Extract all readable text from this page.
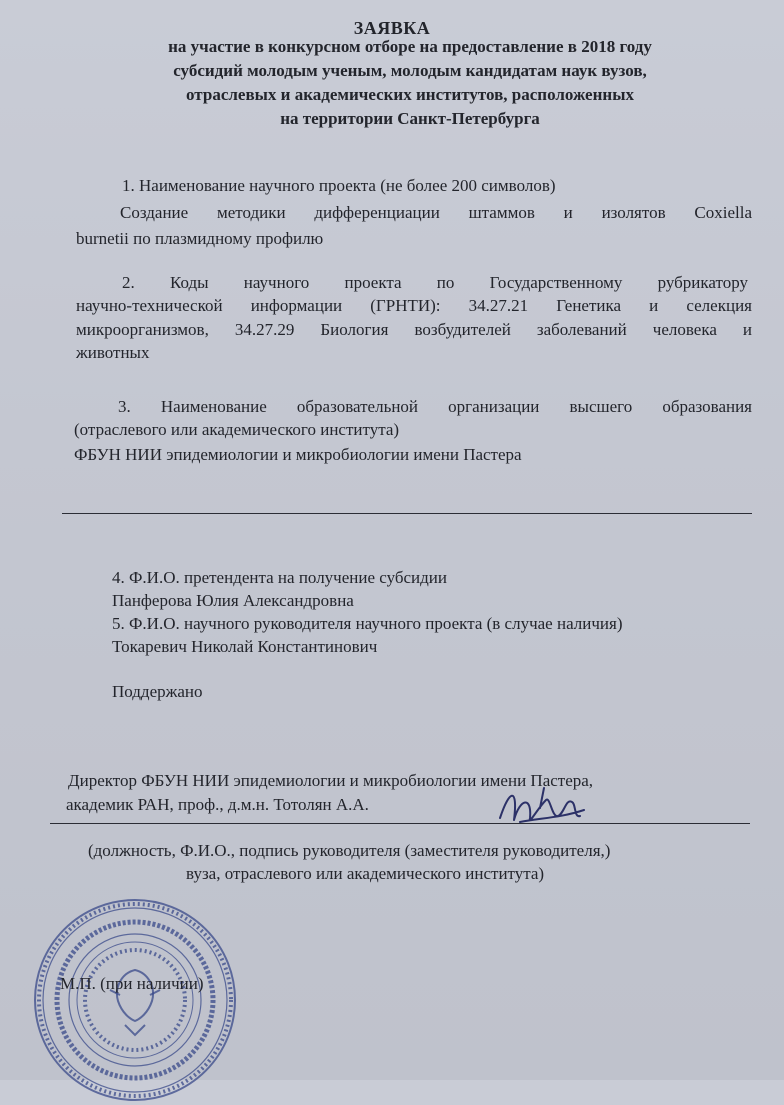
ЗАЯВКА
на участие в конкурсном отборе на предоставление в 2018 году
субсидий молодым ученым, молодым кандидатам наук вузов,
отраслевых и академических институтов, расположенных
на территории Санкт-Петербурга
1. Наименование научного проекта (не более 200 символов)
Создание методики дифференциации штаммов и изолятов Coxiella
burnetii по плазмидному профилю
2. Коды научного проекта по Государственному рубрикатору
научно-технической информации (ГРНТИ): 34.27.21 Генетика и селекция
микроорганизмов, 34.27.29 Биология возбудителей заболеваний человека и
животных
3. Наименование образовательной организации высшего образования
(отраслевого или академического института)
ФБУН НИИ эпидемиологии и микробиологии имени Пастера
4. Ф.И.О. претендента на получение субсидии
Панферова Юлия Александровна
5. Ф.И.О. научного руководителя научного проекта (в случае наличия)
Токаревич Николай Константинович
Поддержано
Директор ФБУН НИИ эпидемиологии и микробиологии имени Пастера,
академик РАН, проф., д.м.н. Тотолян А.А.
(должность, Ф.И.О., подпись руководителя (заместителя руководителя,)
вуза, отраслевого или академического института)
М.П. (при наличии)
